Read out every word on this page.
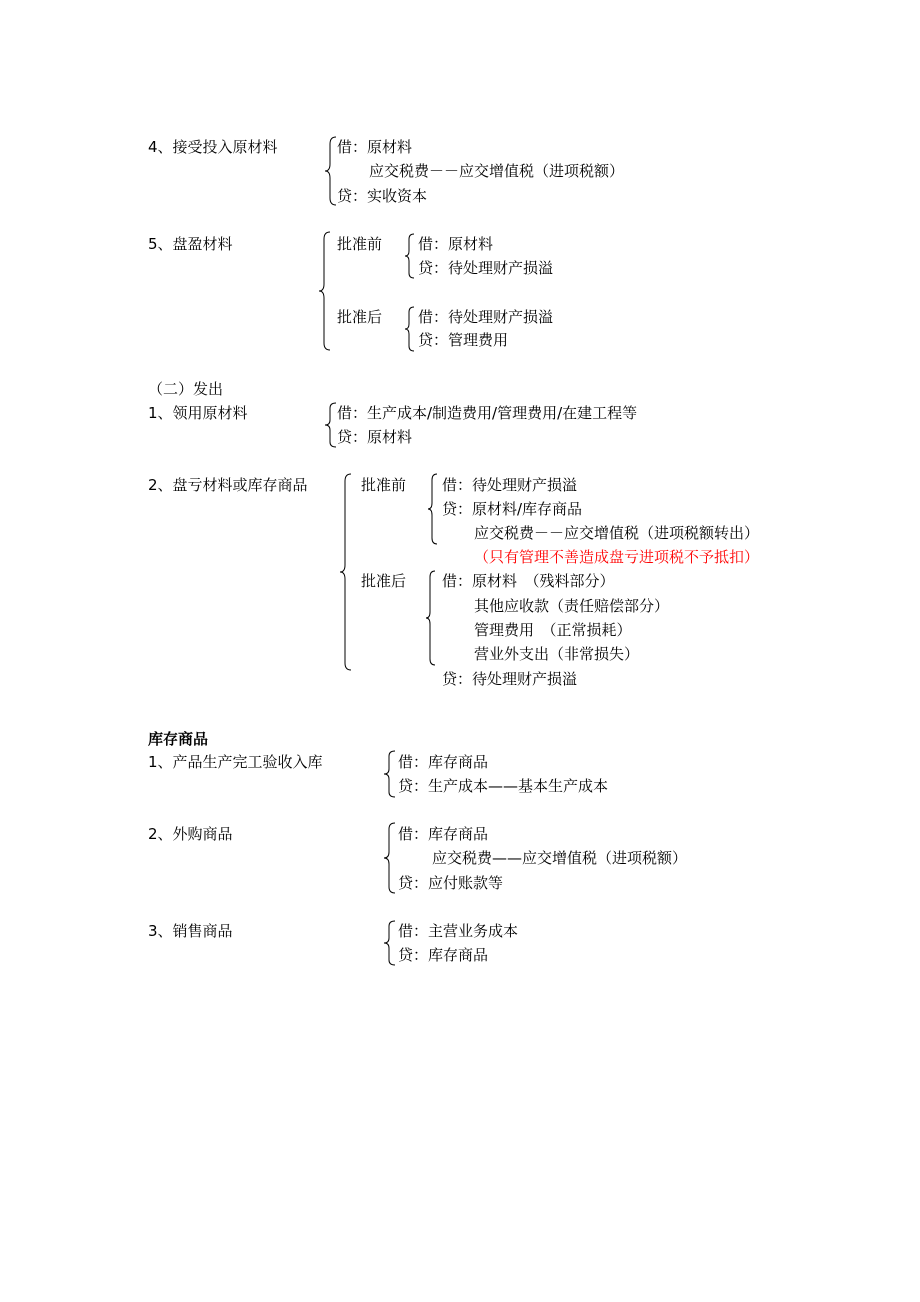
4、接受投入原材料	借：原材料
应交税费－－应交增值税（进项税额）
贷：实收资本
5、盘盈材料	批准前 借：原材料
贷：待处理财产损溢
批准后 借：待处理财产损溢
贷：管理费用
（二）发出
1、领用原材料	借：生产成本/制造费用/管理费用/在建工程等
贷：原材料
2、盘亏材料或库存商品	批准前 借：待处理财产损溢
贷：原材料/库存商品
应交税费－－应交增值税（进项税额转出）
（只有管理不善造成盘亏进项税不予抵扣）
批准后 借：原材料　（残料部分）
其他应收款（责任赔偿部分）
管理费用　（正常损耗）
营业外支出（非常损失）
贷：待处理财产损溢
库存商品
1、产品生产完工验收入库	借：库存商品
贷：生产成本——基本生产成本
2、外购商品	借：库存商品
应交税费——应交增值税（进项税额）
贷：应付账款等
3、销售商品	借：主营业务成本
贷：库存商品
